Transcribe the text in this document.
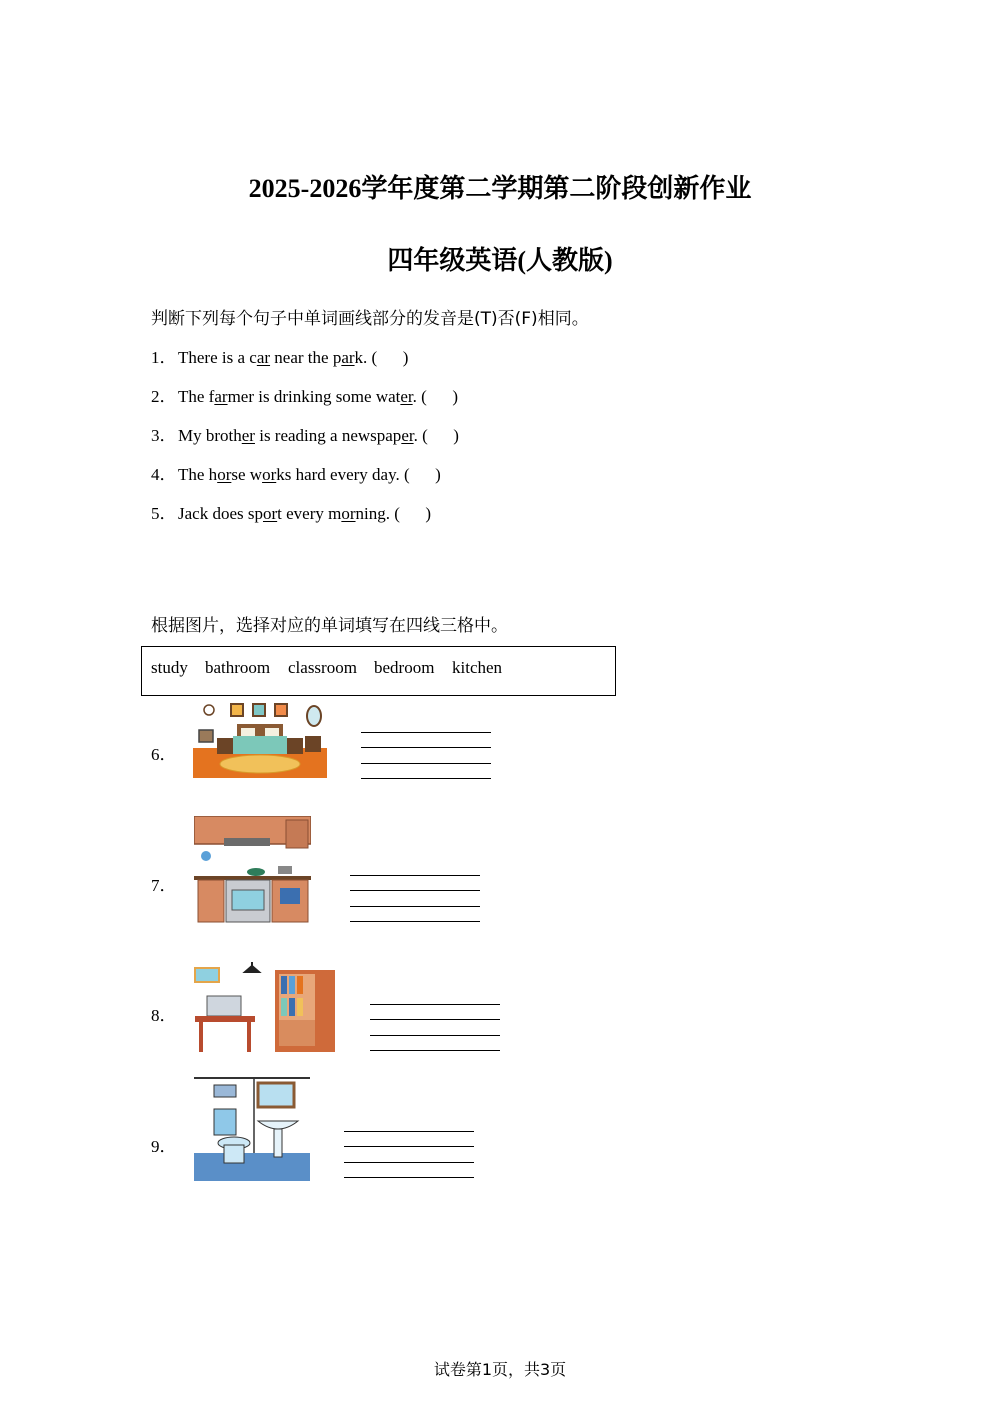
2025-2026学年度第二学期第二阶段创新作业
四年级英语(人教版)
判断下列每个句子中单词画线部分的发音是(T)否(F)相同。
1．There is a car near the park. (      )
2．The farmer is drinking some water. (      )
3．My brother is reading a newspaper. (      )
4．The horse works hard every day. (      )
5．Jack does sport every morning. (      )
根据图片，选择对应的单词填写在四线三格中。
study bathroom classroom bedroom kitchen
6．
7．
8．
9．
试卷第1页，共3页
